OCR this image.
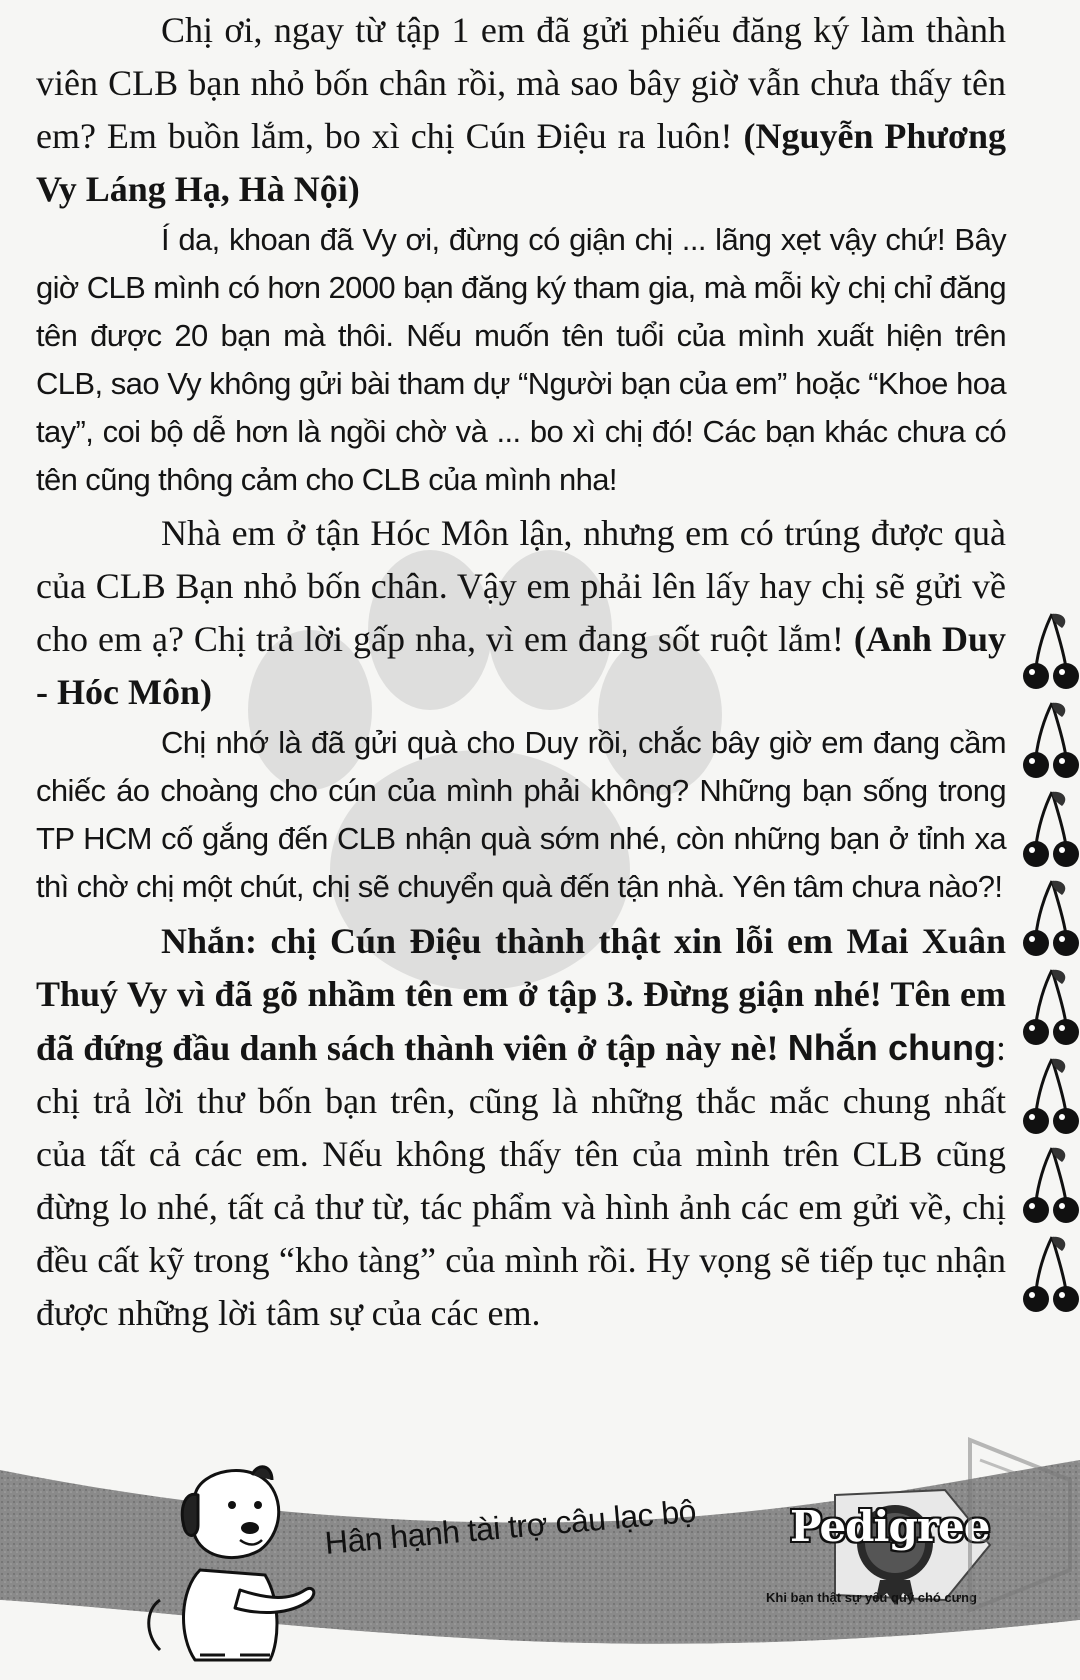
Chị ơi, ngay từ tập 1 em đã gửi phiếu đăng ký làm thành viên CLB bạn nhỏ bốn chân rồi, mà sao bây giờ vẫn chưa thấy tên em? Em buồn lắm, bo xì chị Cún Điệu ra luôn! (Nguyễn Phương Vy Láng Hạ, Hà Nội)

Í da, khoan đã Vy ơi, đừng có giận chị ... lãng xẹt vậy chứ! Bây giờ CLB mình có hơn 2000 bạn đăng ký tham gia, mà mỗi kỳ chị chỉ đăng tên được 20 bạn mà thôi. Nếu muốn tên tuổi của mình xuất hiện trên CLB, sao Vy không gửi bài tham dự “Người bạn của em” hoặc “Khoe hoa tay”, coi bộ dễ hơn là ngồi chờ và ... bo xì chị đó! Các bạn khác chưa có tên cũng thông cảm cho CLB của mình nha!

Nhà em ở tận Hóc Môn lận, nhưng em có trúng được quà của CLB Bạn nhỏ bốn chân. Vậy em phải lên lấy hay chị sẽ gửi về cho em ạ? Chị trả lời gấp nha, vì em đang sốt ruột lắm! (Anh Duy - Hóc Môn)

Chị nhớ là đã gửi quà cho Duy rồi, chắc bây giờ em đang cầm chiếc áo choàng cho cún của mình phải không? Những bạn sống trong TP HCM cố gắng đến CLB nhận quà sớm nhé, còn những bạn ở tỉnh xa thì chờ chị một chút, chị sẽ chuyển quà đến tận nhà. Yên tâm chưa nào?!

Nhắn: chị Cún Điệu thành thật xin lỗi em Mai Xuân Thuý Vy vì đã gõ nhầm tên em ở tập 3. Đừng giận nhé! Tên em đã đứng đầu danh sách thành viên ở tập này nè! Nhắn chung: chị trả lời thư bốn bạn trên, cũng là những thắc mắc chung nhất của tất cả các em. Nếu không thấy tên của mình trên CLB cũng đừng lo nhé, tất cả thư từ, tác phẩm và hình ảnh các em gửi về, chị đều cất kỹ trong “kho tàng” của mình rồi. Hy vọng sẽ tiếp tục nhận được những lời tâm sự của các em.

Hân hạnh tài trợ câu lạc bộ Pedigree
Khi bạn thật sự yêu quý chó cưng
